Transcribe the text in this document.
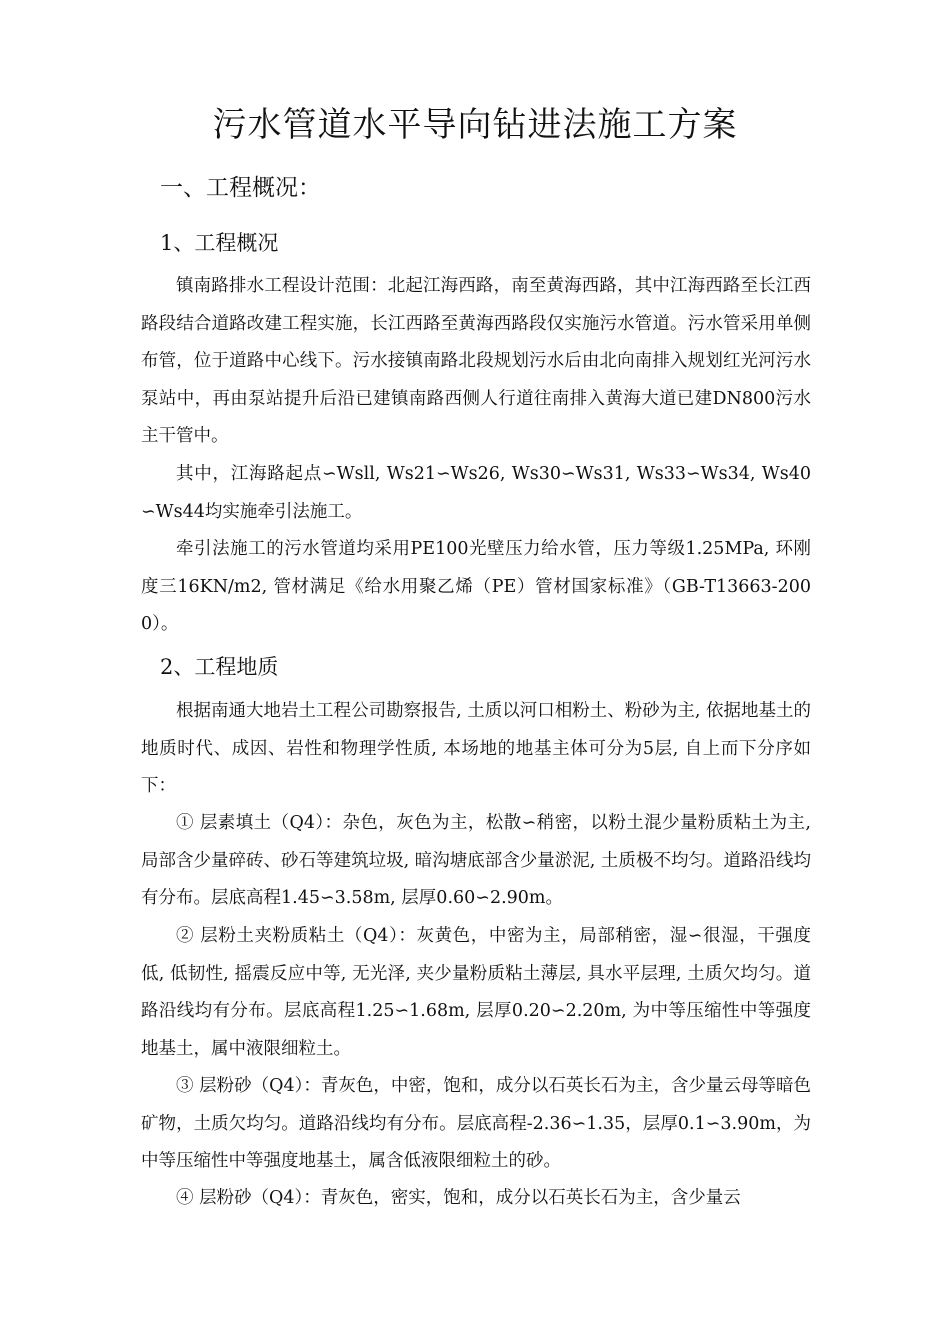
污水管道水平导向钻进法施工方案
一、工程概况：
1、工程概况

镇南路排水工程设计范围：北起江海西路，南至黄海西路，其中江海西路至长江西路段结合道路改建工程实施，长江西路至黄海西路段仅实施污水管道。污水管采用单侧布管，位于道路中心线下。污水接镇南路北段规划污水后由北向南排入规划红光河污水泵站中，再由泵站提升后沿已建镇南路西侧人行道往南排入黄海大道已建DN800污水主干管中。

其中，江海路起点∽Wsll, Ws21∽Ws26, Ws30∽Ws31, Ws33∽Ws34, Ws40∽Ws44均实施牵引法施工。

牵引法施工的污水管道均采用PE100光壁压力给水管，压力等级1.25MPa, 环刚度三16KN/m2, 管材满足《给水用聚乙烯（PE）管材国家标准》（GB-T13663-2000）。

2、工程地质

根据南通大地岩土工程公司勘察报告, 土质以河口相粉土、粉砂为主, 依据地基土的地质时代、成因、岩性和物理学性质, 本场地的地基主体可分为5层, 自上而下分序如下：

① 层素填土（Q4）：杂色，灰色为主，松散∽稍密，以粉土混少量粉质粘土为主, 局部含少量碎砖、砂石等建筑垃圾, 暗沟塘底部含少量淤泥, 土质极不均匀。道路沿线均有分布。层底高程1.45∽3.58m, 层厚0.60∽2.90m。

② 层粉土夹粉质粘土（Q4）：灰黄色，中密为主，局部稍密，湿∽很湿，干强度低, 低韧性, 摇震反应中等, 无光泽, 夹少量粉质粘土薄层, 具水平层理, 土质欠均匀。道路沿线均有分布。层底高程1.25∽1.68m, 层厚0.20∽2.20m, 为中等压缩性中等强度地基土，属中液限细粒土。

③ 层粉砂（Q4）：青灰色，中密，饱和，成分以石英长石为主，含少量云母等暗色矿物，土质欠均匀。道路沿线均有分布。层底高程-2.36∽1.35，层厚0.1∽3.90m，为中等压缩性中等强度地基土，属含低液限细粒土的砂。

④ 层粉砂（Q4）：青灰色，密实，饱和，成分以石英长石为主，含少量云
